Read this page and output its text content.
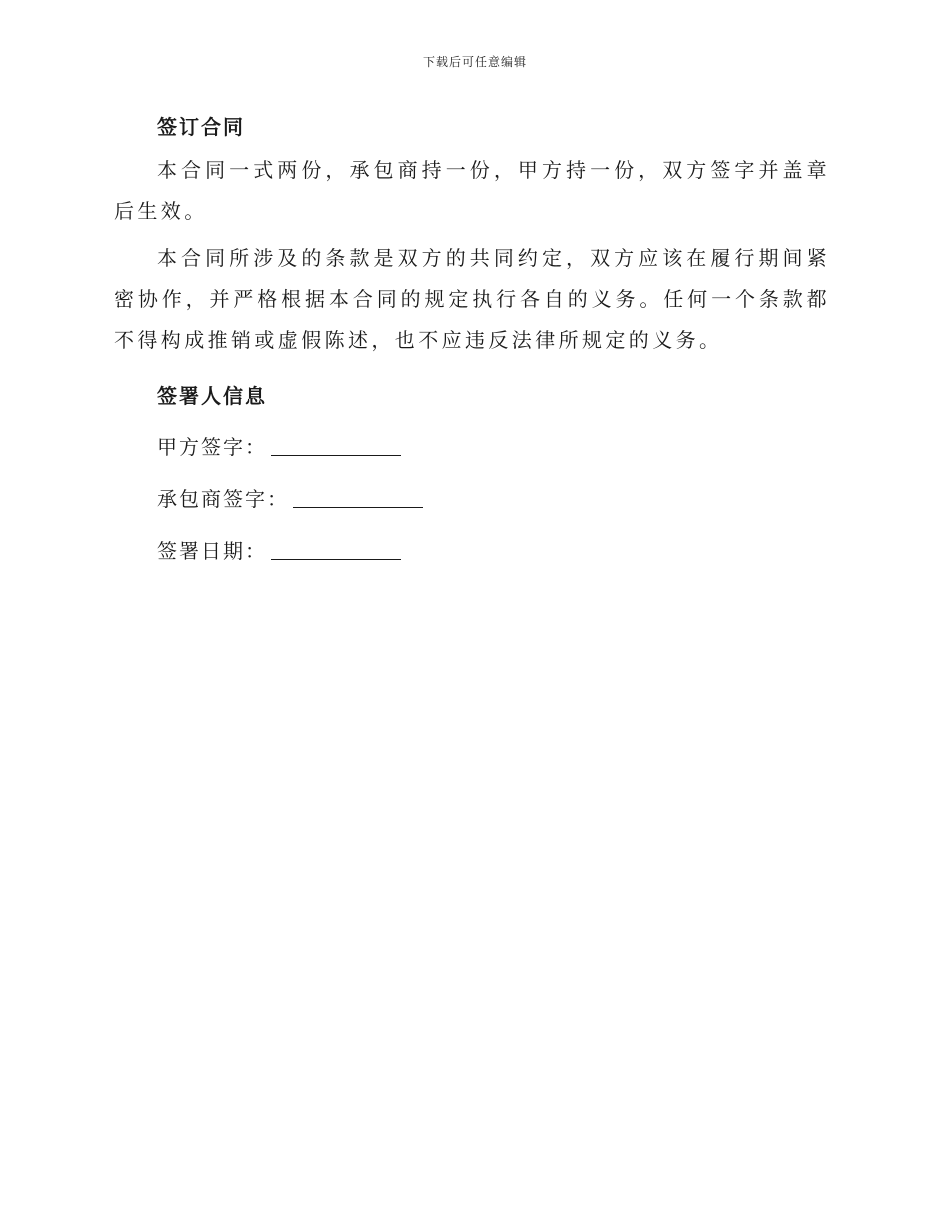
下载后可任意编辑
签订合同

本合同一式两份，承包商持一份，甲方持一份，双方签字并盖章后生效。

本合同所涉及的条款是双方的共同约定，双方应该在履行期间紧密协作，并严格根据本合同的规定执行各自的义务。任何一个条款都不得构成推销或虚假陈述，也不应违反法律所规定的义务。

签署人信息
甲方签字：
承包商签字：
签署日期：
